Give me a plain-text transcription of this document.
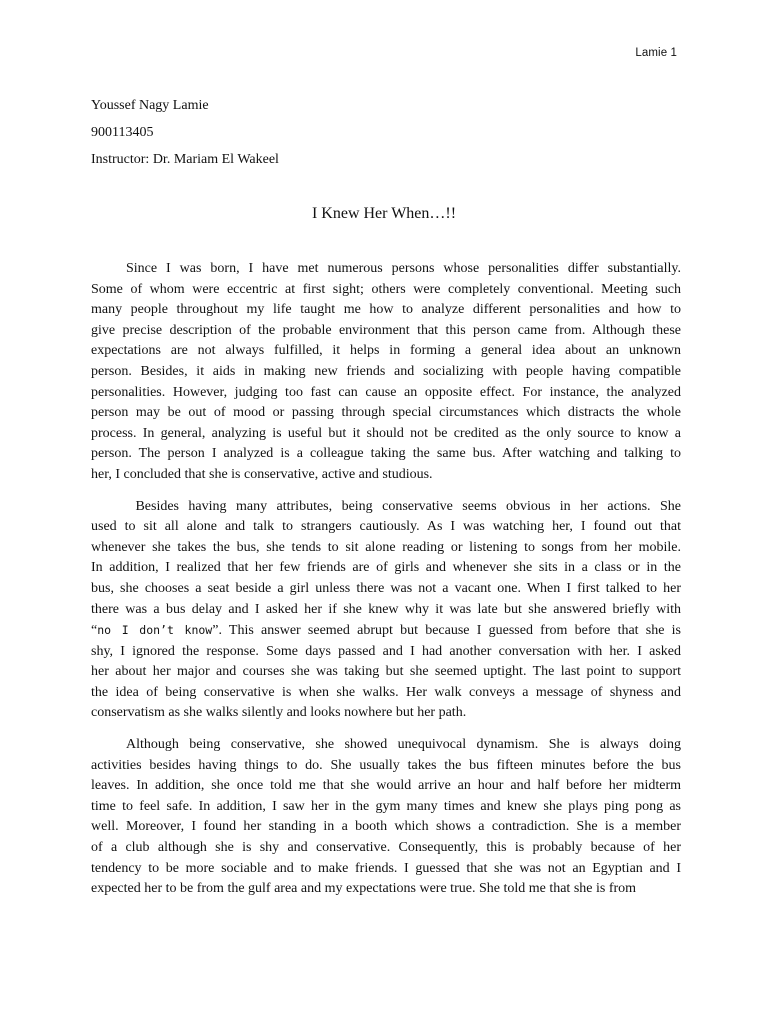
Lamie 1
Youssef Nagy Lamie
900113405
Instructor: Dr. Mariam El Wakeel
I Knew Her When…!!

Since I was born, I have met numerous persons whose personalities differ substantially.
Some of whom were eccentric at first sight; others were completely conventional. Meeting such
many people throughout my life taught me how to analyze different personalities and how to
give precise description of the probable environment that this person came from. Although these
expectations are not always fulfilled, it helps in forming a general idea about an unknown
person. Besides, it aids in making new friends and socializing with people having compatible
personalities. However, judging too fast can cause an opposite effect. For instance, the analyzed
person may be out of mood or passing through special circumstances which distracts the whole
process. In general, analyzing is useful but it should not be credited as the only source to know a
person. The person I analyzed is a colleague taking the same bus. After watching and talking to
her, I concluded that she is conservative, active and studious.

Besides having many attributes, being conservative seems obvious in her actions. She
used to sit all alone and talk to strangers cautiously. As I was watching her, I found out that
whenever she takes the bus, she tends to sit alone reading or listening to songs from her mobile.
In addition, I realized that her few friends are of girls and whenever she sits in a class or in the
bus, she chooses a seat beside a girl unless there was not a vacant one. When I first talked to her
there was a bus delay and I asked her if she knew why it was late but she answered briefly with
“no I don’t know”. This answer seemed abrupt but because I guessed from before that she is
shy, I ignored the response. Some days passed and I had another conversation with her. I asked
her about her major and courses she was taking but she seemed uptight. The last point to support
the idea of being conservative is when she walks. Her walk conveys a message of shyness and
conservatism as she walks silently and looks nowhere but her path.

Although being conservative, she showed unequivocal dynamism. She is always doing
activities besides having things to do. She usually takes the bus fifteen minutes before the bus
leaves. In addition, she once told me that she would arrive an hour and half before her midterm
time to feel safe. In addition, I saw her in the gym many times and knew she plays ping pong as
well. Moreover, I found her standing in a booth which shows a contradiction. She is a member
of a club although she is shy and conservative. Consequently, this is probably because of her
tendency to be more sociable and to make friends. I guessed that she was not an Egyptian and I
expected her to be from the gulf area and my expectations were true. She told me that she is from
